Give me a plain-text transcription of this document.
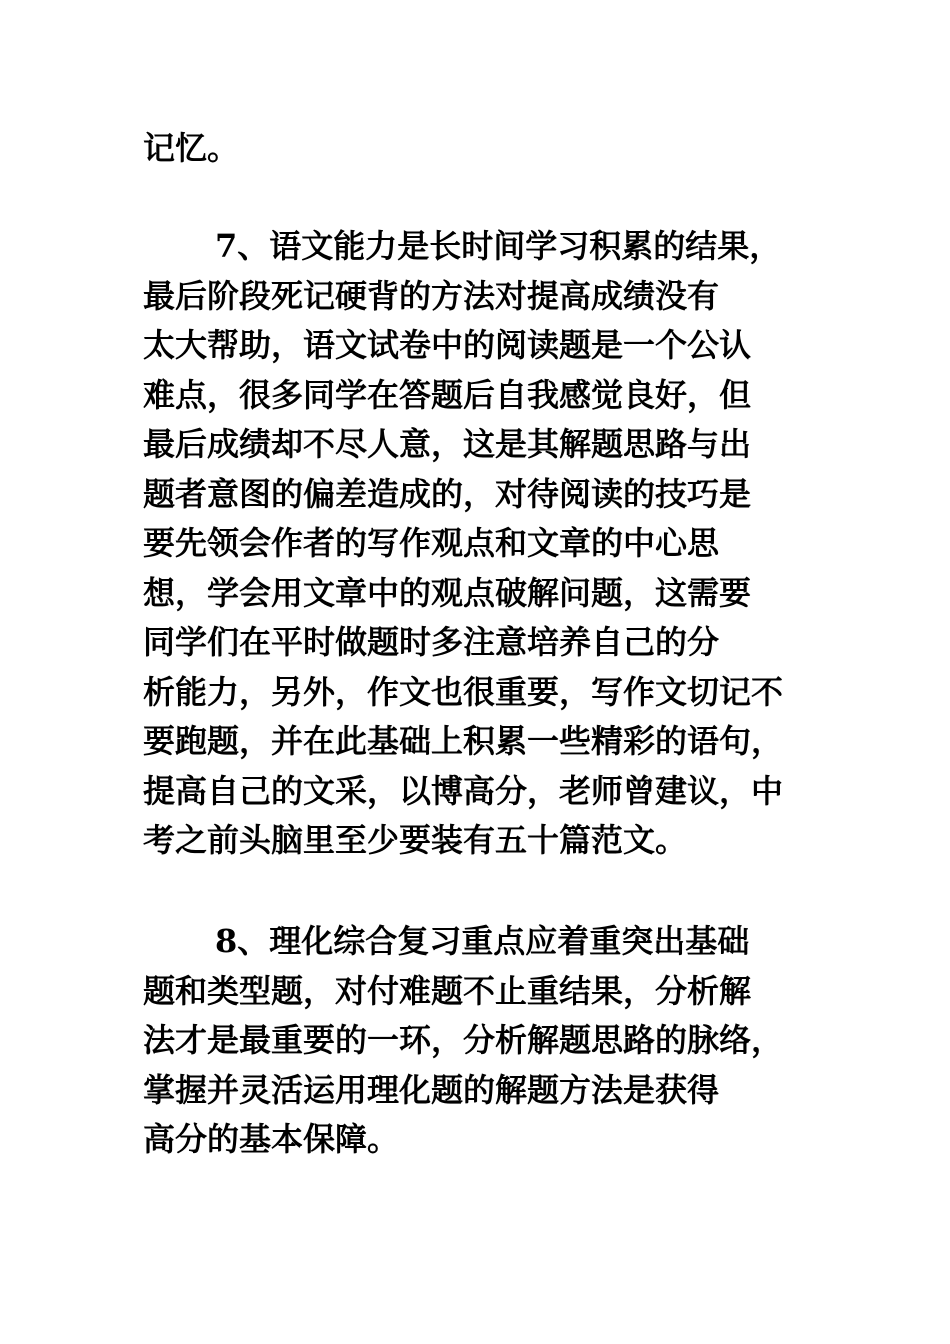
记忆。

7、语文能力是长时间学习积累的结果，
最后阶段死记硬背的方法对提高成绩没有
太大帮助，语文试卷中的阅读题是一个公认
难点，很多同学在答题后自我感觉良好，但
最后成绩却不尽人意，这是其解题思路与出
题者意图的偏差造成的，对待阅读的技巧是
要先领会作者的写作观点和文章的中心思
想，学会用文章中的观点破解问题，这需要
同学们在平时做题时多注意培养自己的分
析能力，另外，作文也很重要，写作文切记不
要跑题，并在此基础上积累一些精彩的语句，
提高自己的文采，以博高分，老师曾建议，中
考之前头脑里至少要装有五十篇范文。

8、理化综合复习重点应着重突出基础
题和类型题，对付难题不止重结果，分析解
法才是最重要的一环，分析解题思路的脉络，
掌握并灵活运用理化题的解题方法是获得
高分的基本保障。
